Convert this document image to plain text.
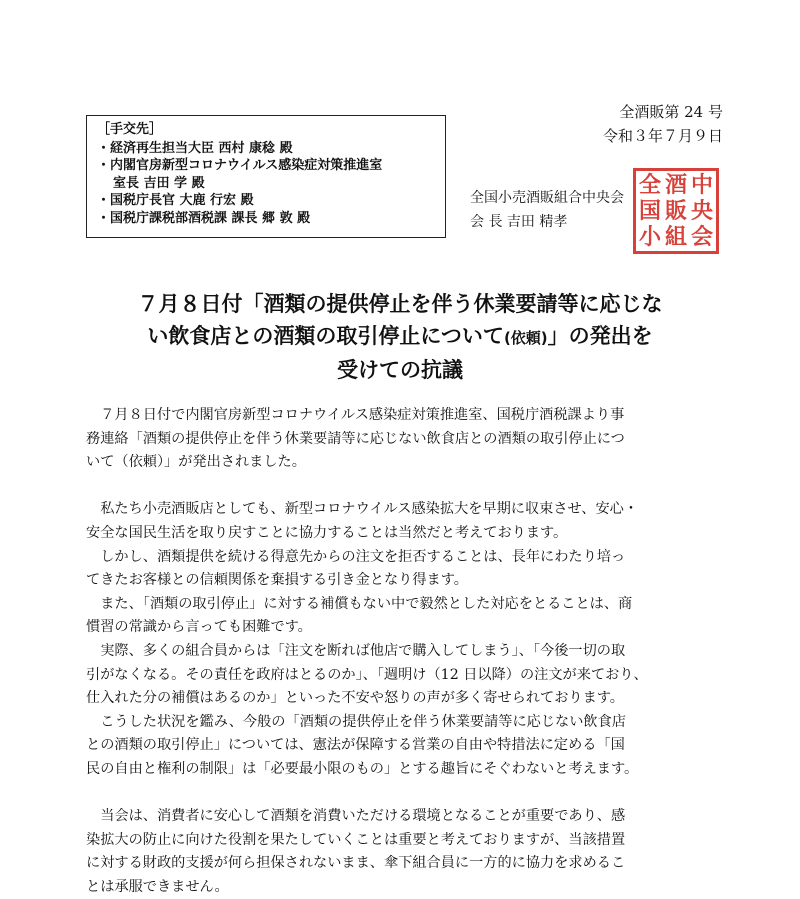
全酒販第 24 号
令和３年７月９日
［手交先］
・経済再生担当大臣 西村 康稔 殿
・内閣官房新型コロナウイルス感染症対策推進室
室長 吉田 学 殿
・国税庁長官 大鹿 行宏 殿
・国税庁課税部酒税課 課長 郷 敦 殿
全国小売酒販組合中央会
会 長 吉田 精孝
全 酒 中
国 販 央
小 組 会
７月８日付「酒類の提供停止を伴う休業要請等に応じな
い飲食店との酒類の取引停止について(依頼)」の発出を
受けての抗議
　７月８日付で内閣官房新型コロナウイルス感染症対策推進室、国税庁酒税課より事
務連絡「酒類の提供停止を伴う休業要請等に応じない飲食店との酒類の取引停止につ
いて（依頼）」が発出されました。
　私たち小売酒販店としても、新型コロナウイルス感染拡大を早期に収束させ、安心・
安全な国民生活を取り戻すことに協力することは当然だと考えております。
　しかし、酒類提供を続ける得意先からの注文を拒否することは、長年にわたり培っ
てきたお客様との信頼関係を棄損する引き金となり得ます。
　また、「酒類の取引停止」に対する補償もない中で毅然とした対応をとることは、商
慣習の常識から言っても困難です。
　実際、多くの組合員からは「注文を断れば他店で購入してしまう」、「今後一切の取
引がなくなる。その責任を政府はとるのか」、「週明け（12 日以降）の注文が来ており、
仕入れた分の補償はあるのか」といった不安や怒りの声が多く寄せられております。
　こうした状況を鑑み、今般の「酒類の提供停止を伴う休業要請等に応じない飲食店
との酒類の取引停止」については、憲法が保障する営業の自由や特措法に定める「国
民の自由と権利の制限」は「必要最小限のもの」とする趣旨にそぐわないと考えます。
　当会は、消費者に安心して酒類を消費いただける環境となることが重要であり、感
染拡大の防止に向けた役割を果たしていくことは重要と考えておりますが、当該措置
に対する財政的支援が何ら担保されないまま、傘下組合員に一方的に協力を求めるこ
とは承服できません。
